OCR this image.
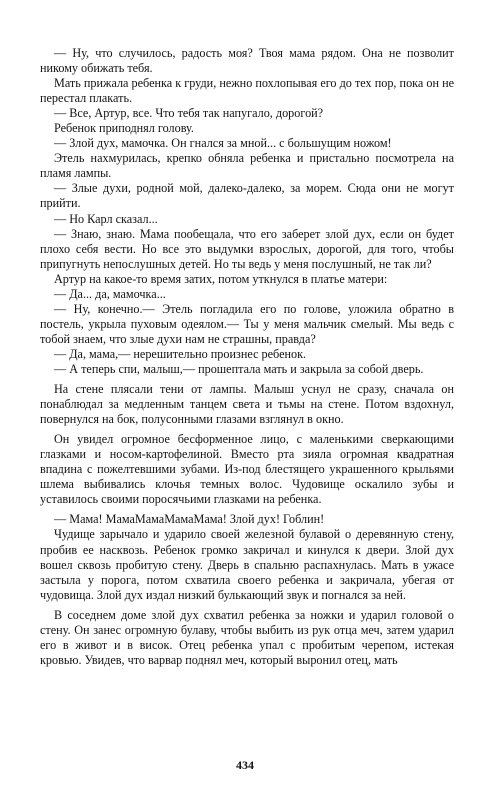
— Ну, что случилось, радость моя? Твоя мама рядом. Она не позволит никому обижать тебя.

Мать прижала ребенка к груди, нежно похлопывая его до тех пор, пока он не перестал плакать.

— Все, Артур, все. Что тебя так напугало, дорогой?

Ребенок приподнял голову.

— Злой дух, мамочка. Он гнался за мной... с большущим ножом!

Этель нахмурилась, крепко обняла ребенка и пристально посмотрела на пламя лампы.

— Злые духи, родной мой, далеко-далеко, за морем. Сюда они не могут прийти.

— Но Карл сказал...

— Знаю, знаю. Мама пообещала, что его заберет злой дух, если он будет плохо себя вести. Но все это выдумки взрослых, дорогой, для того, чтобы припугнуть непослушных детей. Но ты ведь у меня послушный, не так ли?

Артур на какое-то время затих, потом уткнулся в платье матери:

— Да... да, мамочка...

— Ну, конечно.— Этель погладила его по голове, уложила обратно в постель, укрыла пуховым одеялом.— Ты у меня мальчик смелый. Мы ведь с тобой знаем, что злые духи нам не страшны, правда?

— Да, мама,— нерешительно произнес ребенок.

— А теперь спи, малыш,— прошептала мать и закрыла за собой дверь.

На стене плясали тени от лампы. Малыш уснул не сразу, сначала он понаблюдал за медленным танцем света и тьмы на стене. Потом вздохнул, повернулся на бок, полусонными глазами взглянул в окно.

Он увидел огромное бесформенное лицо, с маленькими сверкающими глазками и носом-картофелиной. Вместо рта зияла огромная квадратная впадина с пожелтевшими зубами. Из-под блестящего украшенного крыльями шлема выбивались клочья темных волос. Чудовище оскалило зубы и уставилось своими поросячьими глазками на ребенка.

— Мама! МамаМамаМамаМама! Злой дух! Гоблин!

Чудище зарычало и ударило своей железной булавой о деревянную стену, пробив ее насквозь. Ребенок громко закричал и кинулся к двери. Злой дух вошел сквозь пробитую стену. Дверь в спальню распахнулась. Мать в ужасе застыла у порога, потом схватила своего ребенка и закричала, убегая от чудовища. Злой дух издал низкий булькающий звук и погнался за ней.

В соседнем доме злой дух схватил ребенка за ножки и ударил головой о стену. Он занес огромную булаву, чтобы выбить из рук отца меч, затем ударил его в живот и в висок. Отец ребенка упал с пробитым черепом, истекая кровью. Увидев, что варвар поднял меч, который выронил отец, мать

434
